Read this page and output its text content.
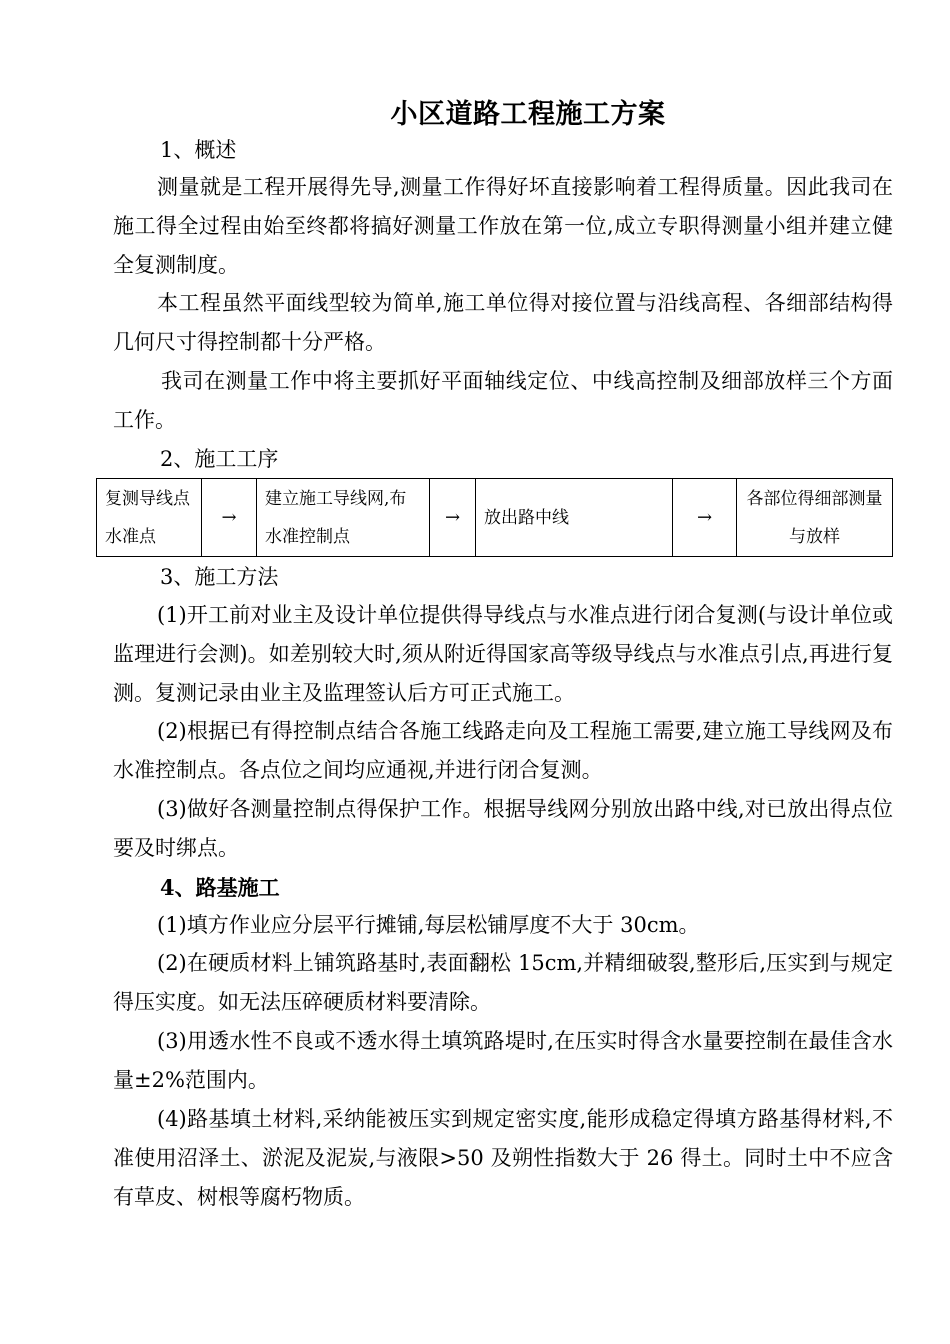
小区道路工程施工方案
1、概述
测量就是工程开展得先导,测量工作得好坏直接影响着工程得质量。因此我司在施工得全过程由始至终都将搞好测量工作放在第一位,成立专职得测量小组并建立健全复测制度。
本工程虽然平面线型较为简单,施工单位得对接位置与沿线高程、各细部结构得几何尺寸得控制都十分严格。
我司在测量工作中将主要抓好平面轴线定位、中线高控制及细部放样三个方面工作。
2、施工工序
复测导线点水准点	→	建立施工导线网,布水准控制点	→	放出路中线	→	各部位得细部测量与放样
3、施工方法
(1)开工前对业主及设计单位提供得导线点与水准点进行闭合复测(与设计单位或监理进行会测)。如差别较大时,须从附近得国家高等级导线点与水准点引点,再进行复测。复测记录由业主及监理签认后方可正式施工。
(2)根据已有得控制点结合各施工线路走向及工程施工需要,建立施工导线网及布水准控制点。各点位之间均应通视,并进行闭合复测。
(3)做好各测量控制点得保护工作。根据导线网分别放出路中线,对已放出得点位要及时绑点。
4、路基施工
(1)填方作业应分层平行摊铺,每层松铺厚度不大于 30cm。
(2)在硬质材料上铺筑路基时,表面翻松 15cm,并精细破裂,整形后,压实到与规定得压实度。如无法压碎硬质材料要清除。
(3)用透水性不良或不透水得土填筑路堤时,在压实时得含水量要控制在最佳含水量±2%范围内。
(4)路基填土材料,采纳能被压实到规定密实度,能形成稳定得填方路基得材料,不准使用沼泽土、淤泥及泥炭,与液限>50 及朔性指数大于 26 得土。同时土中不应含有草皮、树根等腐朽物质。
